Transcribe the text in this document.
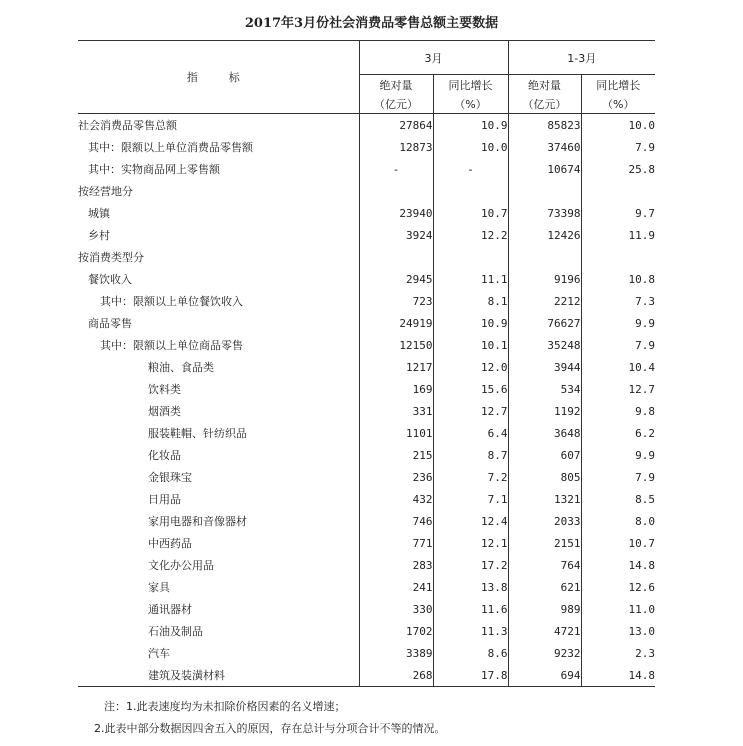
2017年3月份社会消费品零售总额主要数据
指　标	3月		1-3月	
	绝对量	同比增长	绝对量	同比增长
	（亿元）	（%）	（亿元）	（%）
社会消费品零售总额	27864	10.9	85823	10.0
其中：限额以上单位消费品零售额	12873	10.0	37460	7.9
其中：实物商品网上零售额	-	-	10674	25.8
按经营地分				
城镇	23940	10.7	73398	9.7
乡村	3924	12.2	12426	11.9
按消费类型分				
餐饮收入	2945	11.1	9196	10.8
其中：限额以上单位餐饮收入	723	8.1	2212	7.3
商品零售	24919	10.9	76627	9.9
其中：限额以上单位商品零售	12150	10.1	35248	7.9
粮油、食品类	1217	12.0	3944	10.4
饮料类	169	15.6	534	12.7
烟酒类	331	12.7	1192	9.8
服装鞋帽、针纺织品	1101	6.4	3648	6.2
化妆品	215	8.7	607	9.9
金银珠宝	236	7.2	805	7.9
日用品	432	7.1	1321	8.5
家用电器和音像器材	746	12.4	2033	8.0
中西药品	771	12.1	2151	10.7
文化办公用品	283	17.2	764	14.8
家具	241	13.8	621	12.6
通讯器材	330	11.6	989	11.0
石油及制品	1702	11.3	4721	13.0
汽车	3389	8.6	9232	2.3
建筑及装潢材料	268	17.8	694	14.8
注：1.此表速度均为未扣除价格因素的名义增速；
2.此表中部分数据因四舍五入的原因，存在总计与分项合计不等的情况。
